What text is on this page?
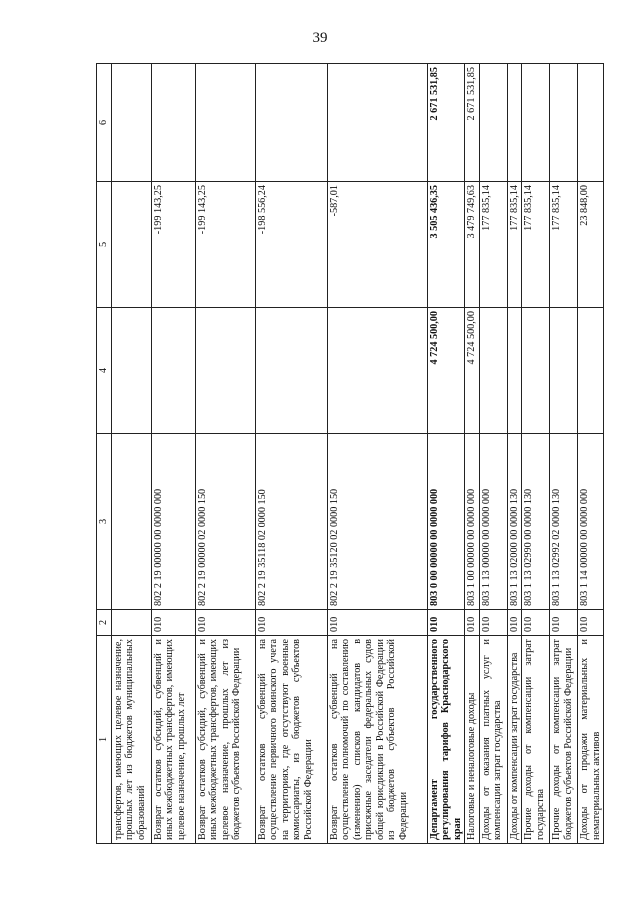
39
1	2	3	4	5	6
трансфертов, имеющих целевое назначение, прошлых лет из бюджетов муниципальных образований					
Возврат остатков субсидий, субвенций и иных межбюджетных трансфертов, имеющих целевое назначение, прошлых лет	010	802 2 19 00000 00 0000 000		-199 143,25	
Возврат остатков субсидий, субвенций и иных межбюджетных трансфертов, имеющих целевое назначение, прошлых лет из бюджетов субъектов Российской Федерации	010	802 2 19 00000 02 0000 150		-199 143,25	
Возврат остатков субвенций на осуществление первичного воинского учета на территориях, где отсутствуют военные комиссариаты, из бюджетов субъектов Российской Федерации	010	802 2 19 35118 02 0000 150		-198 556,24	
Возврат остатков субвенций на осуществление полномочий по составлению (изменению) списков кандидатов в присяжные заседатели федеральных судов общей юрисдикции в Российской Федерации из бюджетов субъектов Российской Федерации	010	802 2 19 35120 02 0000 150		-587,01	
Департамент государственного регулирования тарифов Краснодарского края	010	803 0 00 00000 00 0000 000	4 724 500,00	3 505 436,35	2 671 531,85
Налоговые и неналоговые доходы	010	803 1 00 00000 00 0000 000	4 724 500,00	3 479 749,63	2 671 531,85
Доходы от оказания платных услуг и компенсации затрат государства	010	803 1 13 00000 00 0000 000		177 835,14	
Доходы от компенсации затрат государства	010	803 1 13 02000 00 0000 130		177 835,14	
Прочие доходы от компенсации затрат государства	010	803 1 13 02990 00 0000 130		177 835,14	
Прочие доходы от компенсации затрат бюджетов субъектов Российской Федерации	010	803 1 13 02992 02 0000 130		177 835,14	
Доходы от продажи материальных и нематериальных активов	010	803 1 14 00000 00 0000 000		23 848,00	
